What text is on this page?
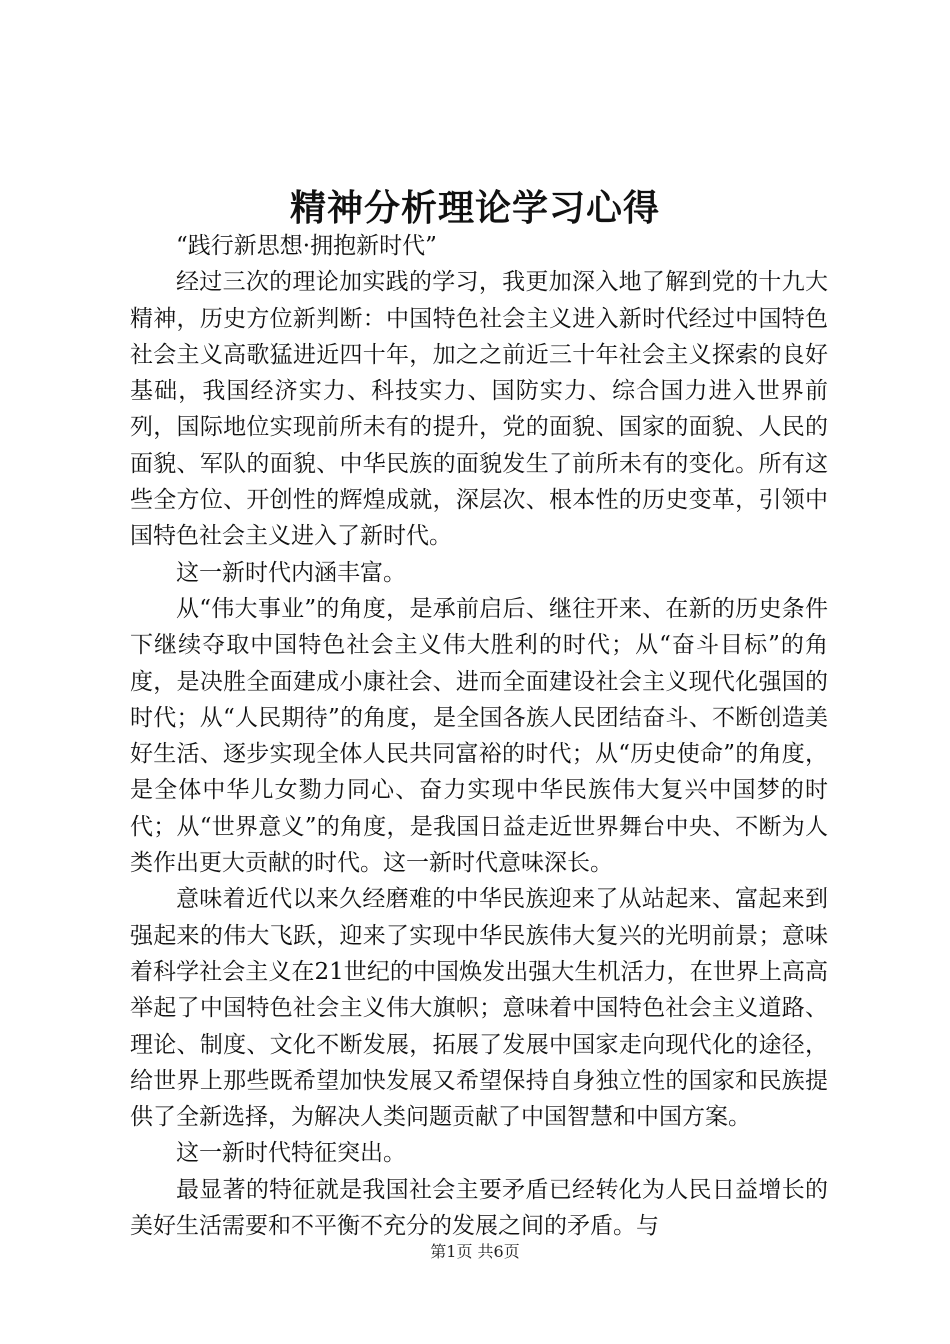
精神分析理论学习心得

“践行新思想·拥抱新时代”

经过三次的理论加实践的学习，我更加深入地了解到党的十九大精神，历史方位新判断：中国特色社会主义进入新时代经过中国特色社会主义高歌猛进近四十年，加之之前近三十年社会主义探索的良好基础，我国经济实力、科技实力、国防实力、综合国力进入世界前列，国际地位实现前所未有的提升，党的面貌、国家的面貌、人民的面貌、军队的面貌、中华民族的面貌发生了前所未有的变化。所有这些全方位、开创性的辉煌成就，深层次、根本性的历史变革，引领中国特色社会主义进入了新时代。

这一新时代内涵丰富。

从“伟大事业”的角度，是承前启后、继往开来、在新的历史条件下继续夺取中国特色社会主义伟大胜利的时代；从“奋斗目标”的角度，是决胜全面建成小康社会、进而全面建设社会主义现代化强国的时代；从“人民期待”的角度，是全国各族人民团结奋斗、不断创造美好生活、逐步实现全体人民共同富裕的时代；从“历史使命”的角度，是全体中华儿女勠力同心、奋力实现中华民族伟大复兴中国梦的时代；从“世界意义”的角度，是我国日益走近世界舞台中央、不断为人类作出更大贡献的时代。这一新时代意味深长。

意味着近代以来久经磨难的中华民族迎来了从站起来、富起来到强起来的伟大飞跃，迎来了实现中华民族伟大复兴的光明前景；意味着科学社会主义在21世纪的中国焕发出强大生机活力，在世界上高高举起了中国特色社会主义伟大旗帜；意味着中国特色社会主义道路、理论、制度、文化不断发展，拓展了发展中国家走向现代化的途径，给世界上那些既希望加快发展又希望保持自身独立性的国家和民族提供了全新选择，为解决人类问题贡献了中国智慧和中国方案。

这一新时代特征突出。

最显著的特征就是我国社会主要矛盾已经转化为人民日益增长的美好生活需要和不平衡不充分的发展之间的矛盾。与

第1页 共6页
